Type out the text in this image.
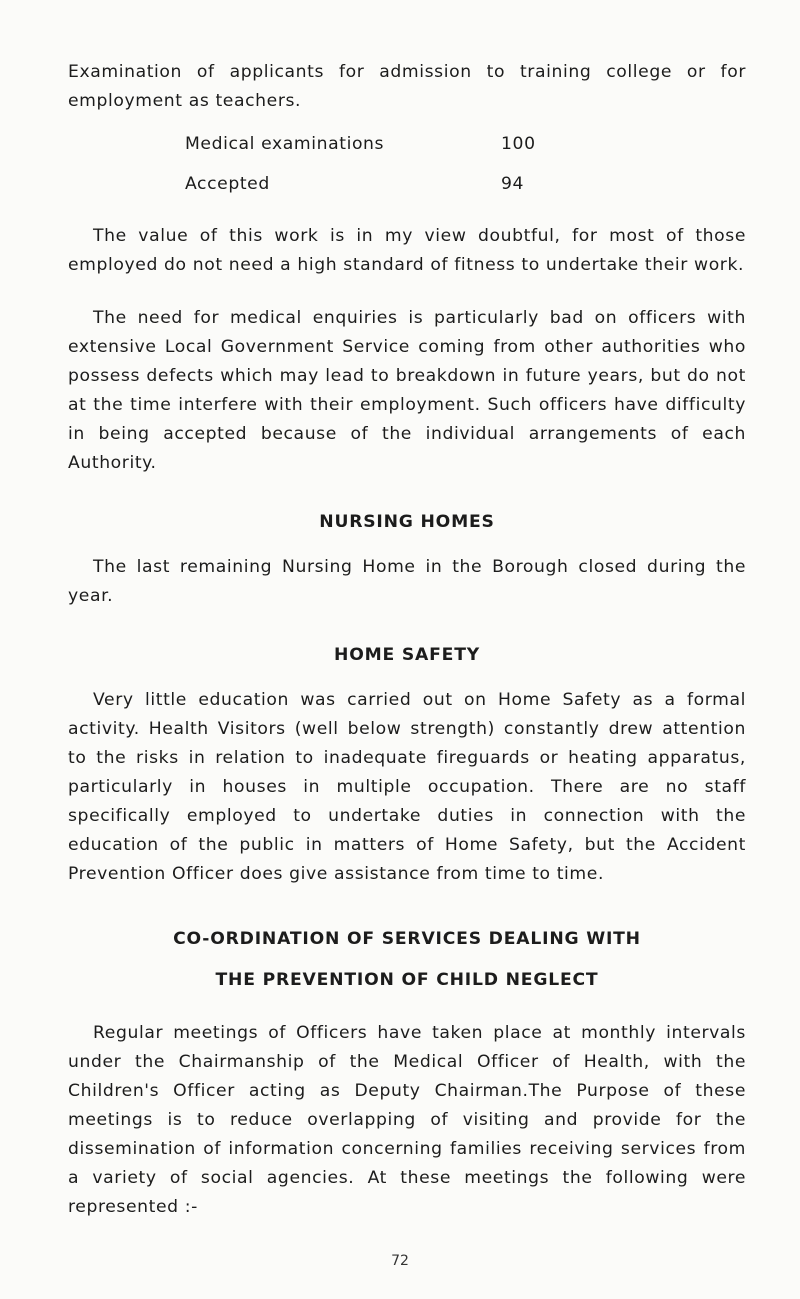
Examination of applicants for admission to training college or for employment as teachers.

Medical examinations	100
Accepted	94

The value of this work is in my view doubtful, for most of those employed do not need a high standard of fitness to undertake their work.

The need for medical enquiries is particularly bad on officers with extensive Local Government Service coming from other authorities who possess defects which may lead to breakdown in future years, but do not at the time interfere with their employment. Such officers have difficulty in being accepted because of the individual arrangements of each Authority.

NURSING HOMES

The last remaining Nursing Home in the Borough closed during the year.

HOME SAFETY

Very little education was carried out on Home Safety as a formal activity. Health Visitors (well below strength) constantly drew attention to the risks in relation to inadequate fireguards or heating apparatus, particularly in houses in multiple occupation. There are no staff specifically employed to undertake duties in connection with the education of the public in matters of Home Safety, but the Accident Prevention Officer does give assistance from time to time.

CO-ORDINATION OF SERVICES DEALING WITH
THE PREVENTION OF CHILD NEGLECT

Regular meetings of Officers have taken place at monthly intervals under the Chairmanship of the Medical Officer of Health, with the Children's Officer acting as Deputy Chairman.The Purpose of these meetings is to reduce overlapping of visiting and provide for the dissemination of information concerning families receiving services from a variety of social agencies. At these meetings the following were represented :-

72
